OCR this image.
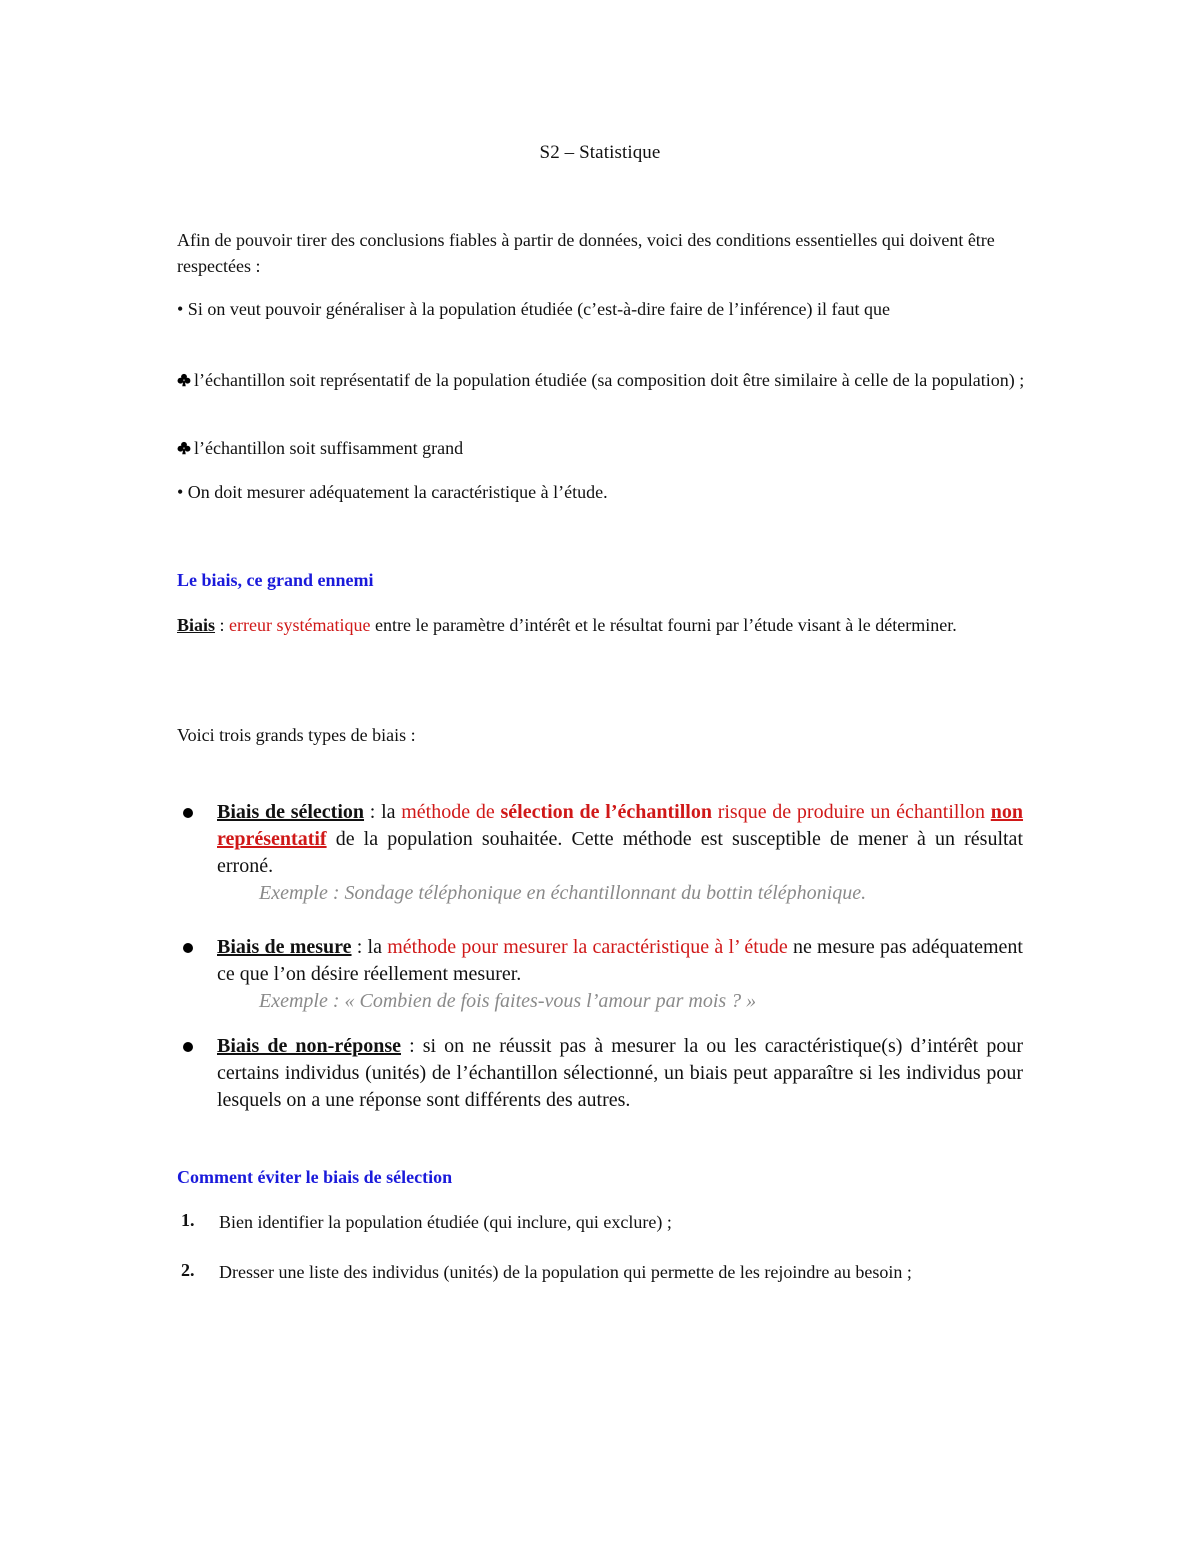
S2 – Statistique
Afin de pouvoir tirer des conclusions fiables à partir de données, voici des conditions essentielles qui doivent être respectées :
• Si on veut pouvoir généraliser à la population étudiée (c’est-à-dire faire de l’inférence) il faut que
l’échantillon soit représentatif de la population étudiée (sa composition doit être similaire à celle de la population) ;
l’échantillon soit suffisamment grand
• On doit mesurer adéquatement la caractéristique à l’étude.
Le biais, ce grand ennemi
Biais : erreur systématique entre le paramètre d’intérêt et le résultat fourni par l’étude visant à le déterminer.
Voici trois grands types de biais :
Biais de sélection : la méthode de sélection de l’échantillon risque de produire un échantillon non représentatif de la population souhaitée. Cette méthode est susceptible de mener à un résultat erroné.
Exemple : Sondage téléphonique en échantillonnant du bottin téléphonique.
Biais de mesure : la méthode pour mesurer la caractéristique à l’ étude ne mesure pas adéquatement ce que l’on désire réellement mesurer.
Exemple : « Combien de fois faites-vous l’amour par mois ? »
Biais de non-réponse : si on ne réussit pas à mesurer la ou les caractéristique(s) d’intérêt pour certains individus (unités) de l’échantillon sélectionné, un biais peut apparaître si les individus pour lesquels on a une réponse sont différents des autres.
Comment éviter le biais de sélection
1. Bien identifier la population étudiée (qui inclure, qui exclure) ;
2. Dresser une liste des individus (unités) de la population qui permette de les rejoindre au besoin ;
